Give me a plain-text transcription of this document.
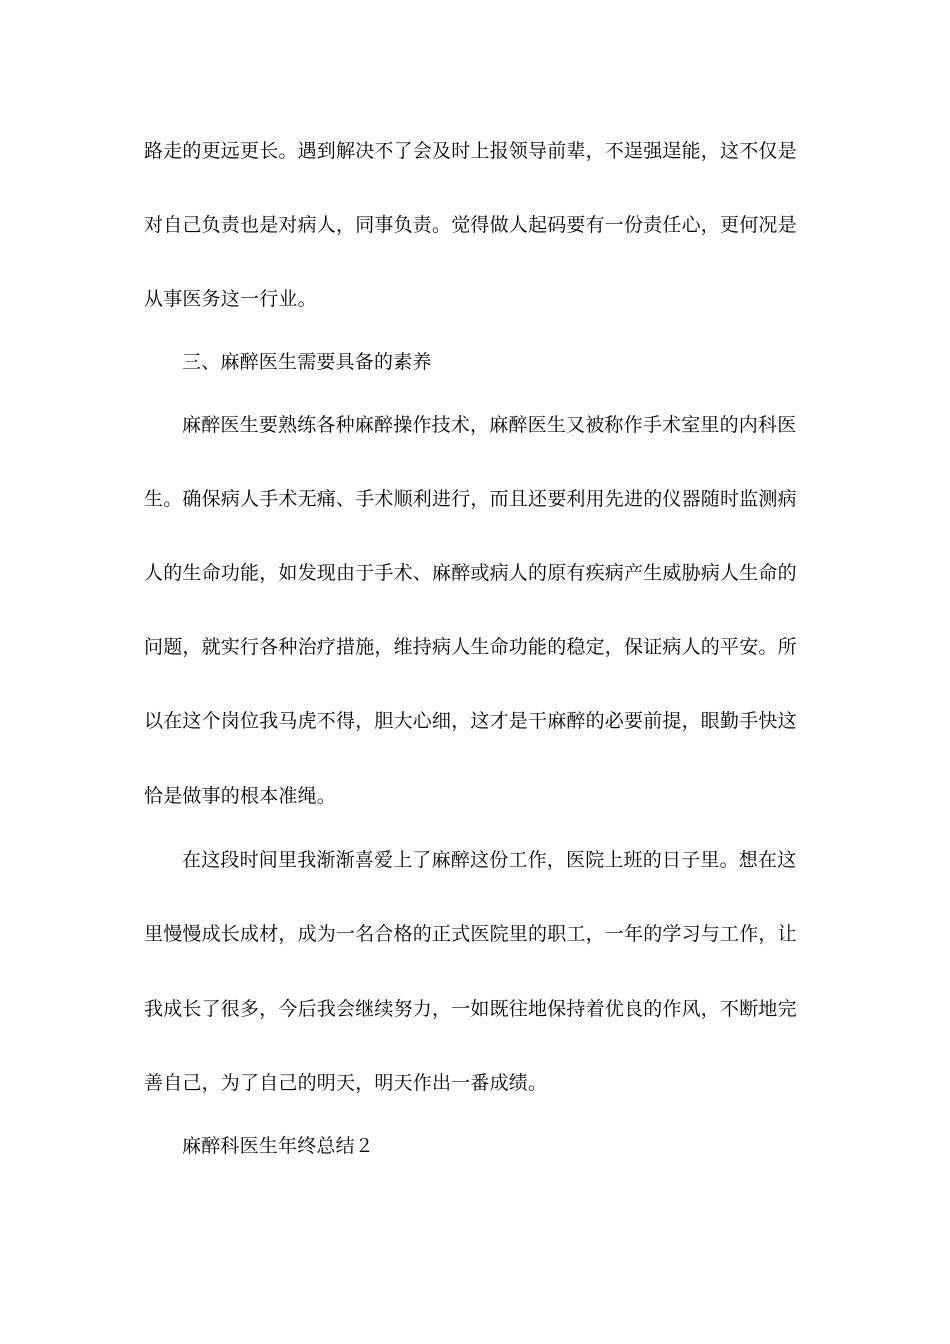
路走的更远更长。遇到解决不了会及时上报领导前辈，不逞强逞能，这不仅是
对自己负责也是对病人，同事负责。觉得做人起码要有一份责任心，更何况是
从事医务这一行业。
三、麻醉医生需要具备的素养
麻醉医生要熟练各种麻醉操作技术，麻醉医生又被称作手术室里的内科医
生。确保病人手术无痛、手术顺利进行，而且还要利用先进的仪器随时监测病
人的生命功能，如发现由于手术、麻醉或病人的原有疾病产生威胁病人生命的
问题，就实行各种治疗措施，维持病人生命功能的稳定，保证病人的平安。所
以在这个岗位我马虎不得，胆大心细，这才是干麻醉的必要前提，眼勤手快这
恰是做事的根本准绳。
在这段时间里我渐渐喜爱上了麻醉这份工作，医院上班的日子里。想在这
里慢慢成长成材，成为一名合格的正式医院里的职工，一年的学习与工作，让
我成长了很多，今后我会继续努力，一如既往地保持着优良的作风，不断地完
善自己，为了自己的明天，明天作出一番成绩。
麻醉科医生年终总结２
